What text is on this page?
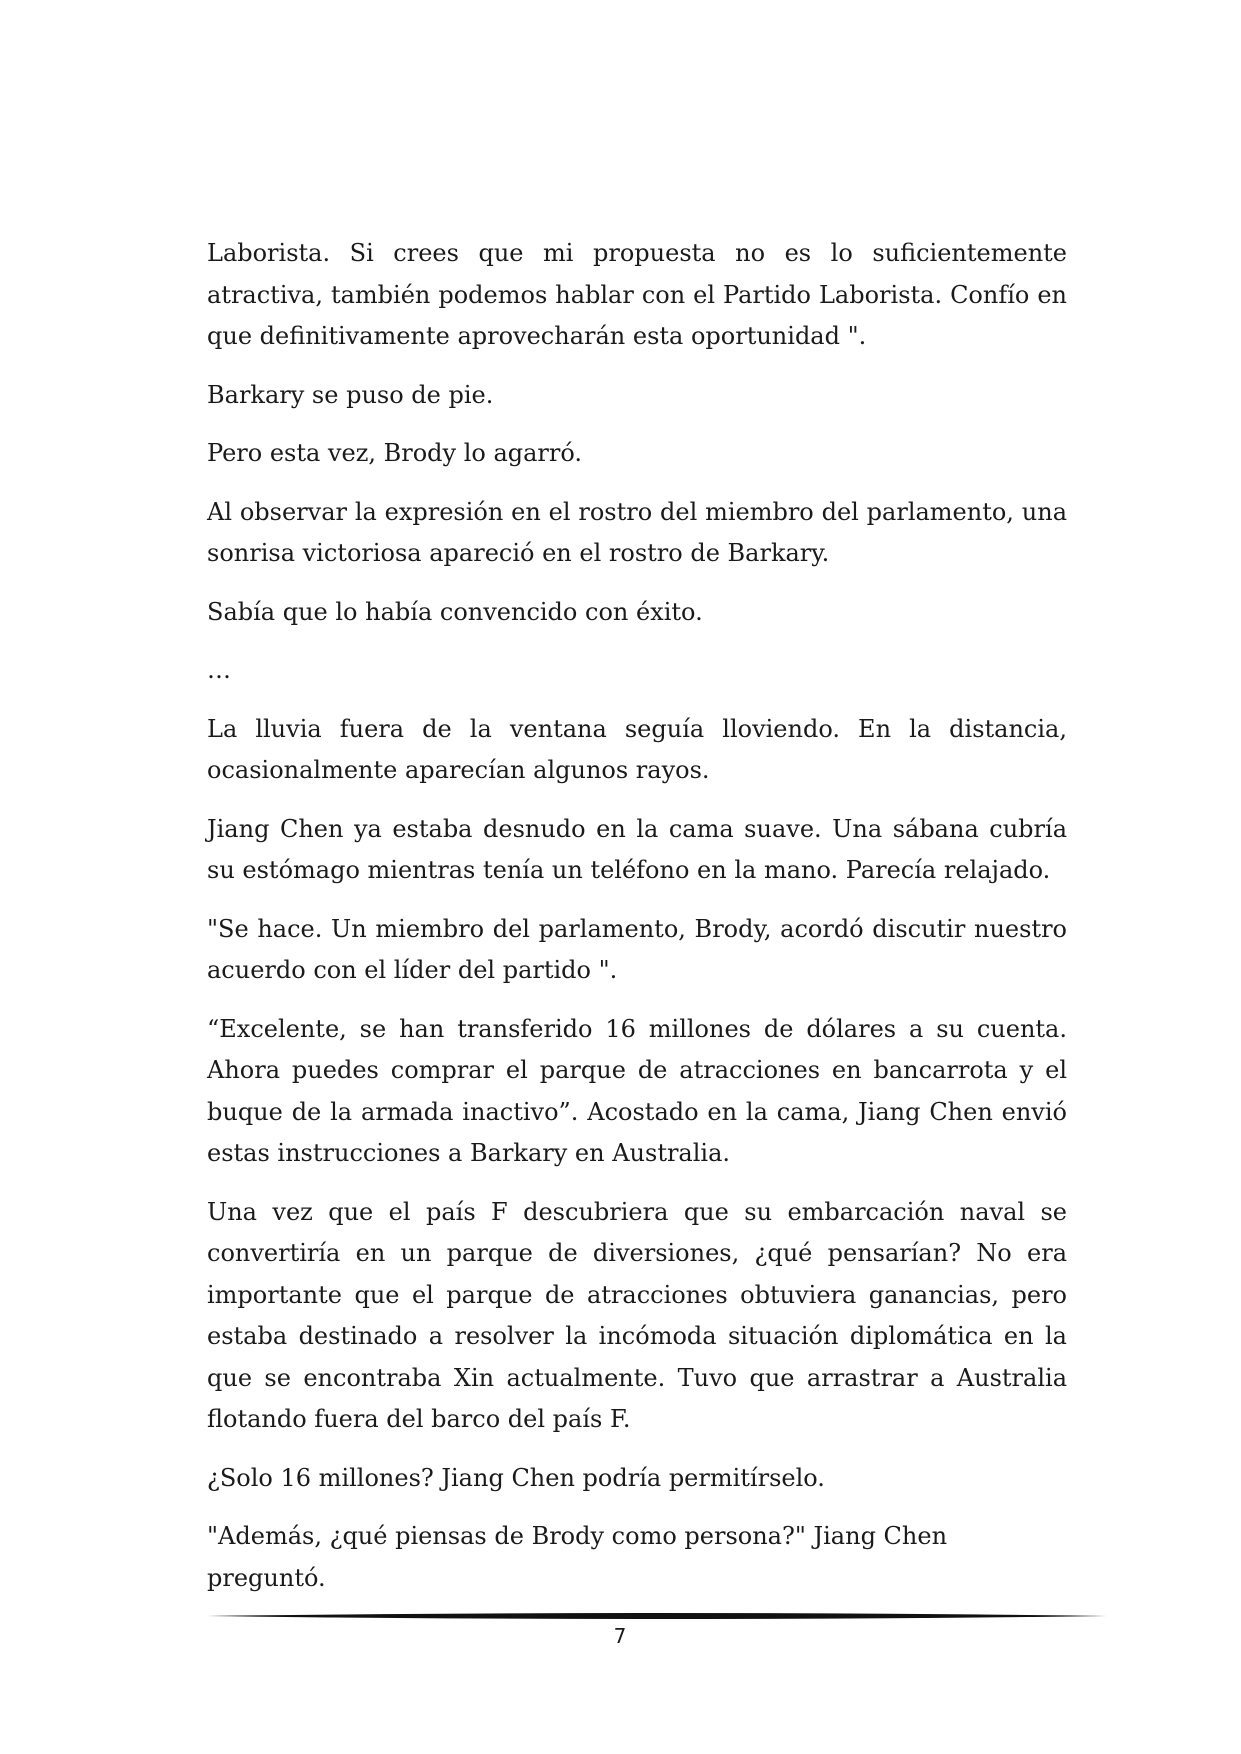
Laborista. Si crees que mi propuesta no es lo suficientemente atractiva, también podemos hablar con el Partido Laborista. Confío en que definitivamente aprovecharán esta oportunidad ".

Barkary se puso de pie.

Pero esta vez, Brody lo agarró.

Al observar la expresión en el rostro del miembro del parlamento, una sonrisa victoriosa apareció en el rostro de Barkary.

Sabía que lo había convencido con éxito.

…

La lluvia fuera de la ventana seguía lloviendo. En la distancia, ocasionalmente aparecían algunos rayos.

Jiang Chen ya estaba desnudo en la cama suave. Una sábana cubría su estómago mientras tenía un teléfono en la mano. Parecía relajado.

"Se hace. Un miembro del parlamento, Brody, acordó discutir nuestro acuerdo con el líder del partido ".

“Excelente, se han transferido 16 millones de dólares a su cuenta. Ahora puedes comprar el parque de atracciones en bancarrota y el buque de la armada inactivo”. Acostado en la cama, Jiang Chen envió estas instrucciones a Barkary en Australia.

Una vez que el país F descubriera que su embarcación naval se convertiría en un parque de diversiones, ¿qué pensarían? No era importante que el parque de atracciones obtuviera ganancias, pero estaba destinado a resolver la incómoda situación diplomática en la que se encontraba Xin actualmente. Tuvo que arrastrar a Australia flotando fuera del barco del país F.

¿Solo 16 millones? Jiang Chen podría permitírselo.

"Además, ¿qué piensas de Brody como persona?" Jiang Chen preguntó.

7
